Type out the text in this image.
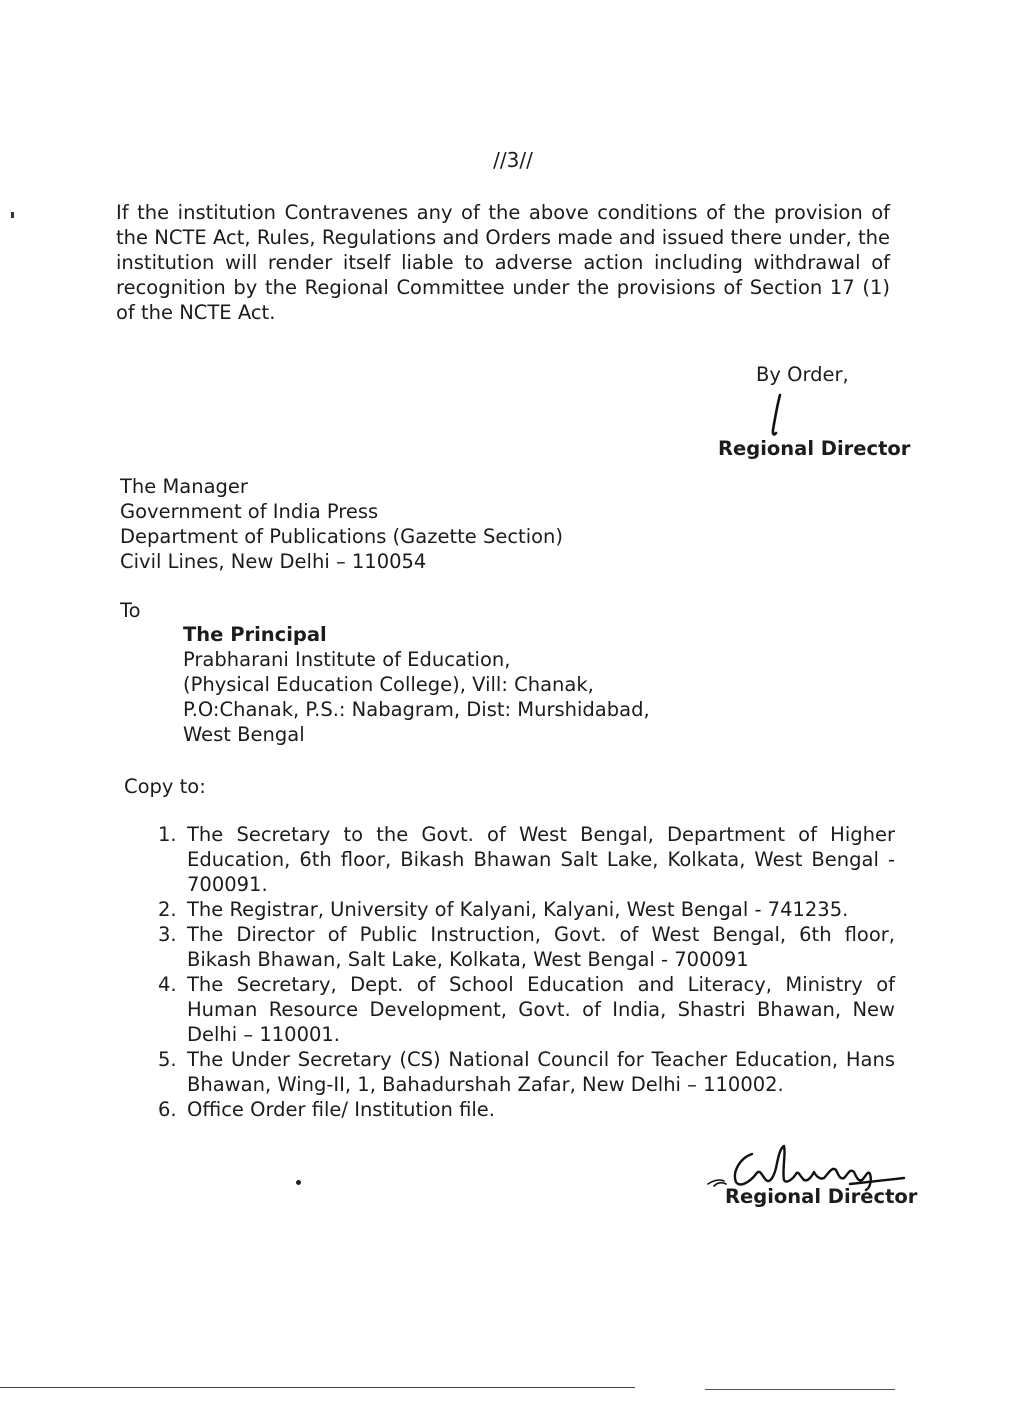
//3//
If the institution Contravenes any of the above conditions of the provision of the NCTE Act, Rules, Regulations and Orders made and issued there under, the institution will render itself liable to adverse action including withdrawal of recognition by the Regional Committee under the provisions of Section 17 (1) of the NCTE Act.
By Order,
Regional Director
The Manager
Government of India Press
Department of Publications (Gazette Section)
Civil Lines, New Delhi – 110054
To
The Principal
Prabharani Institute of Education,
(Physical Education College), Vill: Chanak,
P.O:Chanak, P.S.: Nabagram, Dist: Murshidabad,
West Bengal
Copy to:
1. The Secretary to the Govt. of West Bengal, Department of Higher Education, 6th floor, Bikash Bhawan Salt Lake, Kolkata, West Bengal - 700091.
2. The Registrar, University of Kalyani, Kalyani, West Bengal - 741235.
3. The Director of Public Instruction, Govt. of West Bengal, 6th floor, Bikash Bhawan, Salt Lake, Kolkata, West Bengal - 700091
4. The Secretary, Dept. of School Education and Literacy, Ministry of Human Resource Development, Govt. of India, Shastri Bhawan, New Delhi – 110001.
5. The Under Secretary (CS) National Council for Teacher Education, Hans Bhawan, Wing-II, 1, Bahadurshah Zafar, New Delhi – 110002.
6. Office Order file/ Institution file.
Regional Director
